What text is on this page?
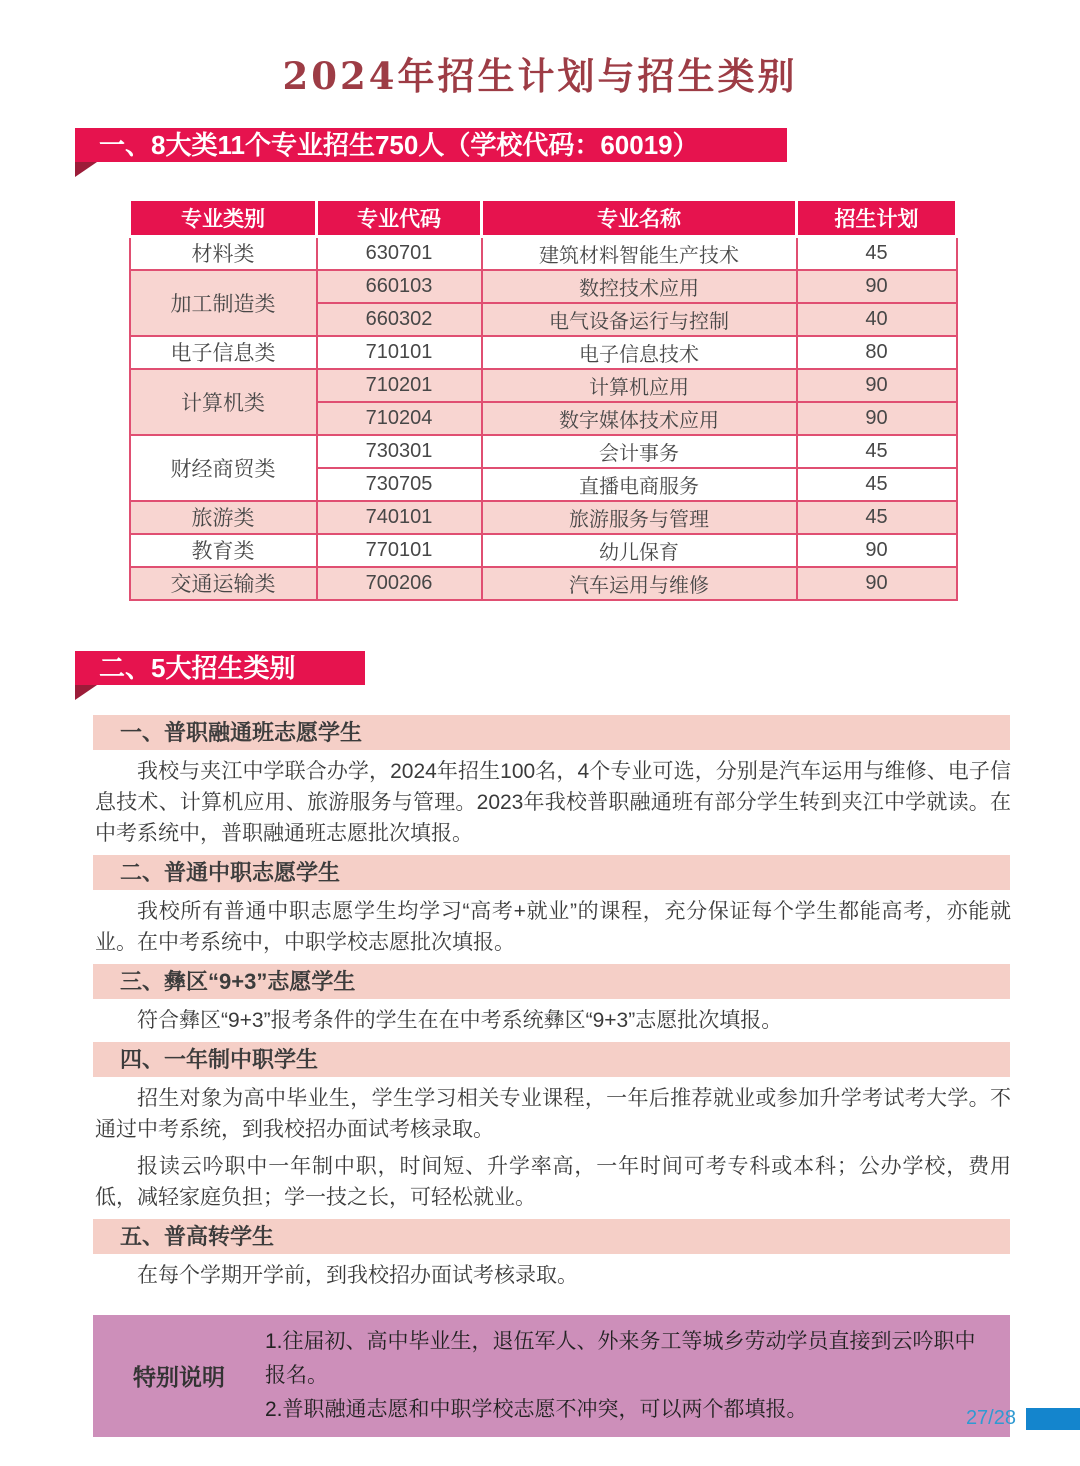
2024年招生计划与招生类别
一、8大类11个专业招生750人（学校代码：60019）
专业类别	专业代码	专业名称	招生计划
材料类	630701	建筑材料智能生产技术	45
加工制造类	660103	数控技术应用	90
	660302	电气设备运行与控制	40
电子信息类	710101	电子信息技术	80
计算机类	710201	计算机应用	90
	710204	数字媒体技术应用	90
财经商贸类	730301	会计事务	45
	730705	直播电商服务	45
旅游类	740101	旅游服务与管理	45
教育类	770101	幼儿保育	90
交通运输类	700206	汽车运用与维修	90
二、5大招生类别
一、普职融通班志愿学生

我校与夹江中学联合办学，2024年招生100名，4个专业可选，分别是汽车运用与维修、电子信息技术、计算机应用、旅游服务与管理。2023年我校普职融通班有部分学生转到夹江中学就读。在中考系统中，普职融通班志愿批次填报。

二、普通中职志愿学生

我校所有普通中职志愿学生均学习“高考+就业”的课程，充分保证每个学生都能高考，亦能就业。在中考系统中，中职学校志愿批次填报。

三、彝区“9+3”志愿学生

符合彝区“9+3”报考条件的学生在在中考系统彝区“9+3”志愿批次填报。

四、一年制中职学生

招生对象为高中毕业生，学生学习相关专业课程，一年后推荐就业或参加升学考试考大学。不通过中考系统，到我校招办面试考核录取。

报读云吟职中一年制中职，时间短、升学率高，一年时间可考专科或本科；公办学校，费用低，减轻家庭负担；学一技之长，可轻松就业。

五、普高转学生

在每个学期开学前，到我校招办面试考核录取。

特别说明

1.往届初、高中毕业生，退伍军人、外来务工等城乡劳动学员直接到云吟职中报名。

2.普职融通志愿和中职学校志愿不冲突，可以两个都填报。	27/28
